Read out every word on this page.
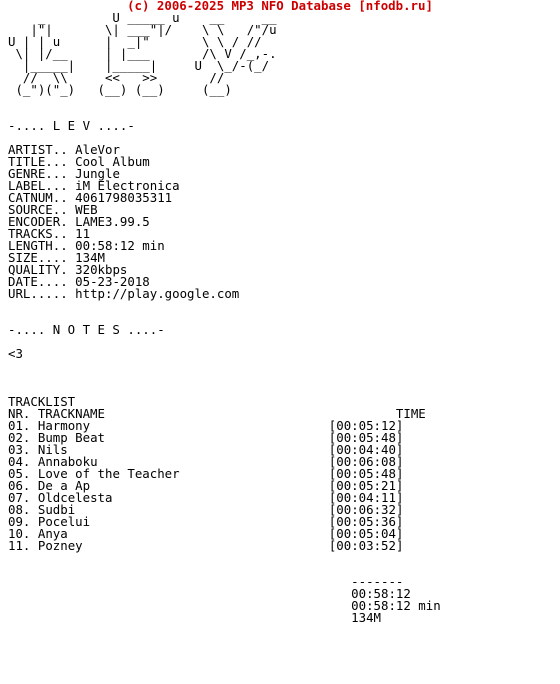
(c) 2006-2025 MP3 NFO Database [nfodb.ru]
_         U _____ u    __     __
|"|       \| ___"|/    \ \   /"/u
U | | u      |  _|"       \ \ / //
\| |/__     | |___       /\ V /_,-.
|_____|    |_____|     U  \_/-(_/
//  \\     <<   >>       //
(_")("_)   (__) (__)     (__)

-.... L E V ....-

ARTIST.. AleVor
TITLE... Cool Album
GENRE... Jungle
LABEL... iM Electronica
CATNUM.. 4061798035311
SOURCE.. WEB
ENCODER. LAME3.99.5
TRACKS.. 11
LENGTH.. 00:58:12 min
SIZE.... 134M
QUALITY. 320kbps
DATE.... 05-23-2018
URL..... http://play.google.com

-.... N O T E S ....-

<3

TRACKLIST
NR. TRACKNAME	TIME
01. Harmony	[00:05:12]
02. Bump Beat	[00:05:48]
03. Nils	[00:04:40]
04. Annaboku	[00:06:08]
05. Love of the Teacher	[00:05:48]
06. De a Ap	[00:05:21]
07. Oldcelesta	[00:04:11]
08. Sudbi	[00:06:32]
09. Pocelui	[00:05:36]
10. Anya	[00:05:04]
11. Pozney	[00:03:52]

-------
00:58:12
00:58:12 min
134M
